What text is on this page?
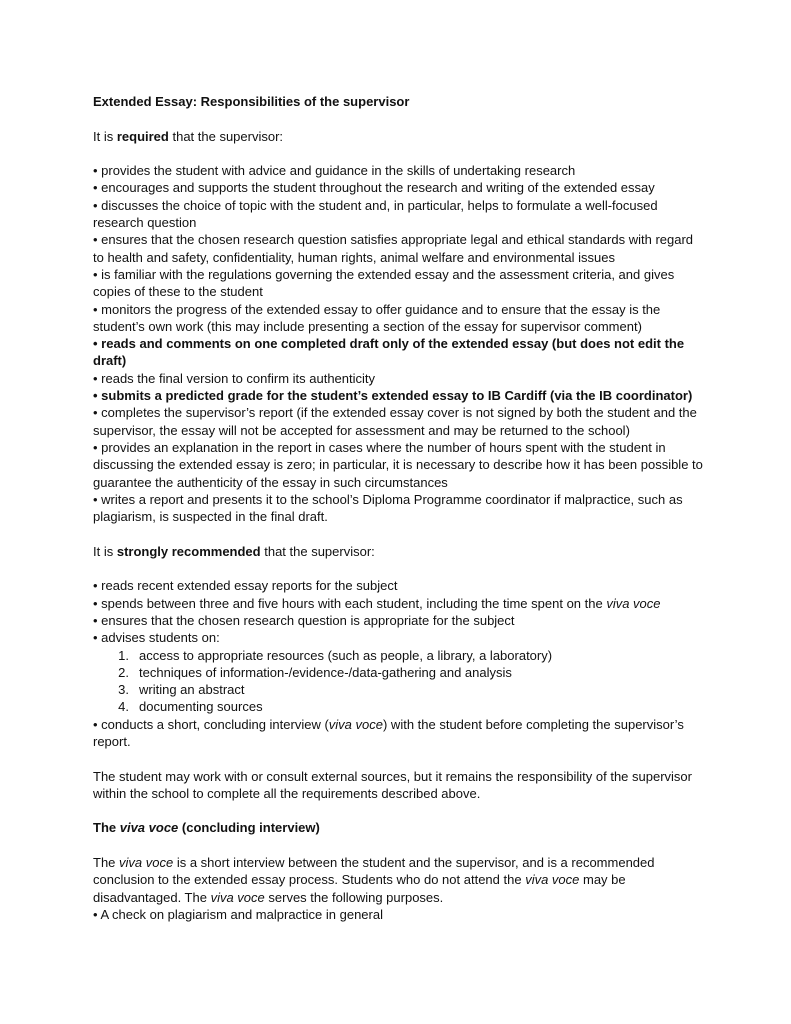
Extended Essay: Responsibilities of the supervisor

It is required that the supervisor:

• provides the student with advice and guidance in the skills of undertaking research

• encourages and supports the student throughout the research and writing of the extended essay

• discusses the choice of topic with the student and, in particular, helps to formulate a well-focused research question

• ensures that the chosen research question satisfies appropriate legal and ethical standards with regard to health and safety, confidentiality, human rights, animal welfare and environmental issues

• is familiar with the regulations governing the extended essay and the assessment criteria, and gives copies of these to the student

• monitors the progress of the extended essay to offer guidance and to ensure that the essay is the student’s own work (this may include presenting a section of the essay for supervisor comment)

• reads and comments on one completed draft only of the extended essay (but does not edit the draft)

• reads the final version to confirm its authenticity

• submits a predicted grade for the student’s extended essay to IB Cardiff (via the IB coordinator)

• completes the supervisor’s report (if the extended essay cover is not signed by both the student and the supervisor, the essay will not be accepted for assessment and may be returned to the school)

• provides an explanation in the report in cases where the number of hours spent with the student in discussing the extended essay is zero; in particular, it is necessary to describe how it has been possible to guarantee the authenticity of the essay in such circumstances

• writes a report and presents it to the school’s Diploma Programme coordinator if malpractice, such as plagiarism, is suspected in the final draft.

It is strongly recommended that the supervisor:

• reads recent extended essay reports for the subject

• spends between three and five hours with each student, including the time spent on the viva voce

• ensures that the chosen research question is appropriate for the subject

• advises students on:

1. access to appropriate resources (such as people, a library, a laboratory)
2. techniques of information-/evidence-/data-gathering and analysis
3. writing an abstract
4. documenting sources

• conducts a short, concluding interview (viva voce) with the student before completing the supervisor’s report.

The student may work with or consult external sources, but it remains the responsibility of the supervisor within the school to complete all the requirements described above.

The viva voce (concluding interview)

The viva voce is a short interview between the student and the supervisor, and is a recommended conclusion to the extended essay process. Students who do not attend the viva voce may be disadvantaged. The viva voce serves the following purposes.

• A check on plagiarism and malpractice in general
